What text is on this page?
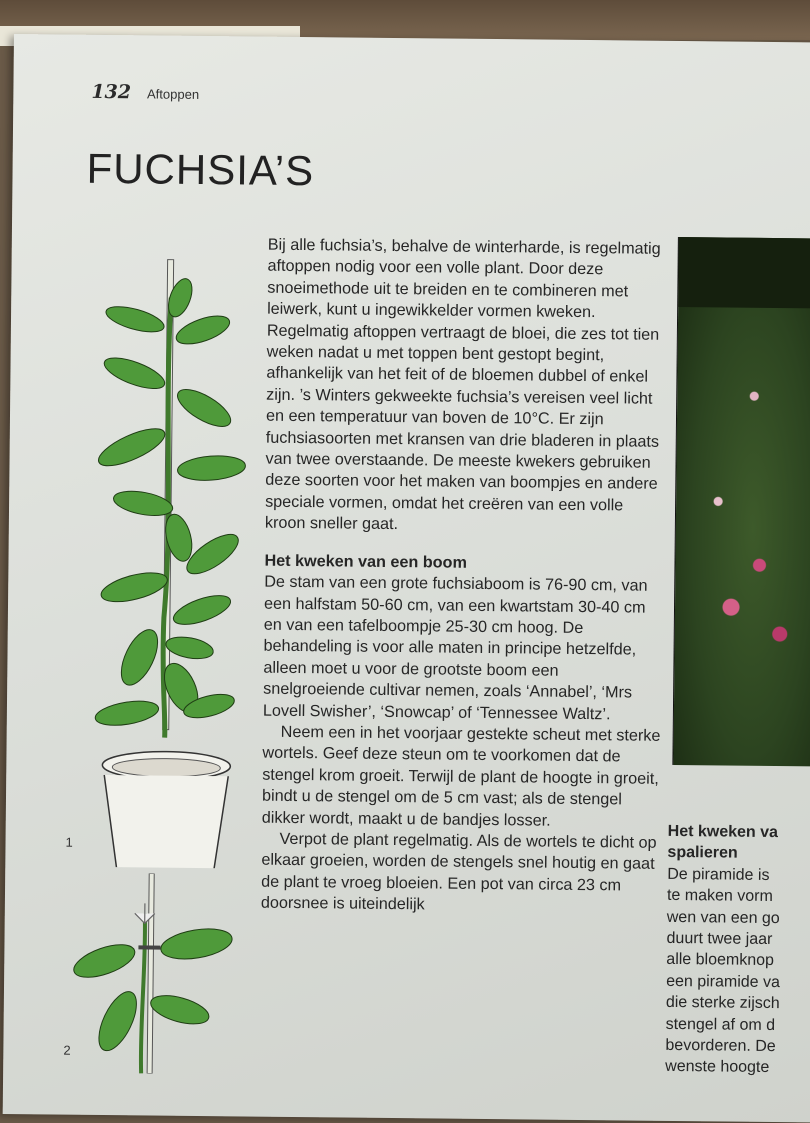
132 Aftoppen
FUCHSIA’S
1
2

Bij alle fuchsia’s, behalve de winterharde, is regelmatig aftoppen nodig voor een volle plant. Door deze snoeimethode uit te breiden en te combineren met leiwerk, kunt u ingewikkelder vormen kweken. Regelmatig aftoppen vertraagt de bloei, die zes tot tien weken nadat u met toppen bent gestopt begint, afhankelijk van het feit of de bloemen dubbel of enkel zijn. ’s Winters gekweekte fuchsia’s vereisen veel licht en een temperatuur van boven de 10°C. Er zijn fuchsiasoorten met kransen van drie bladeren in plaats van twee overstaande. De meeste kwekers gebruiken deze soorten voor het maken van boompjes en andere speciale vormen, omdat het creëren van een volle kroon sneller gaat.

Het kweken van een boom

De stam van een grote fuchsiaboom is 76-90 cm, van een halfstam 50-60 cm, van een kwartstam 30-40 cm en van een tafelboompje 25-30 cm hoog. De behandeling is voor alle maten in principe hetzelfde, alleen moet u voor de grootste boom een snelgroeiende cultivar nemen, zoals ‘Annabel’, ‘Mrs Lovell Swisher’, ‘Snowcap’ of ‘Tennessee Waltz’.

Neem een in het voorjaar gestekte scheut met sterke wortels. Geef deze steun om te voorkomen dat de stengel krom groeit. Terwijl de plant de hoogte in groeit, bindt u de stengel om de 5 cm vast; als de stengel dikker wordt, maakt u de bandjes losser.

Verpot de plant regelmatig. Als de wortels te dicht op elkaar groeien, worden de stengels snel houtig en gaat de plant te vroeg bloeien. Een pot van circa 23 cm doorsnee is uiteindelijk

Het kweken va

spalieren

De piramide is

te maken vorm

wen van een go

duurt twee jaar

alle bloemknop

een piramide va

die sterke zijsch

stengel af om d

bevorderen. De

wenste hoogte
